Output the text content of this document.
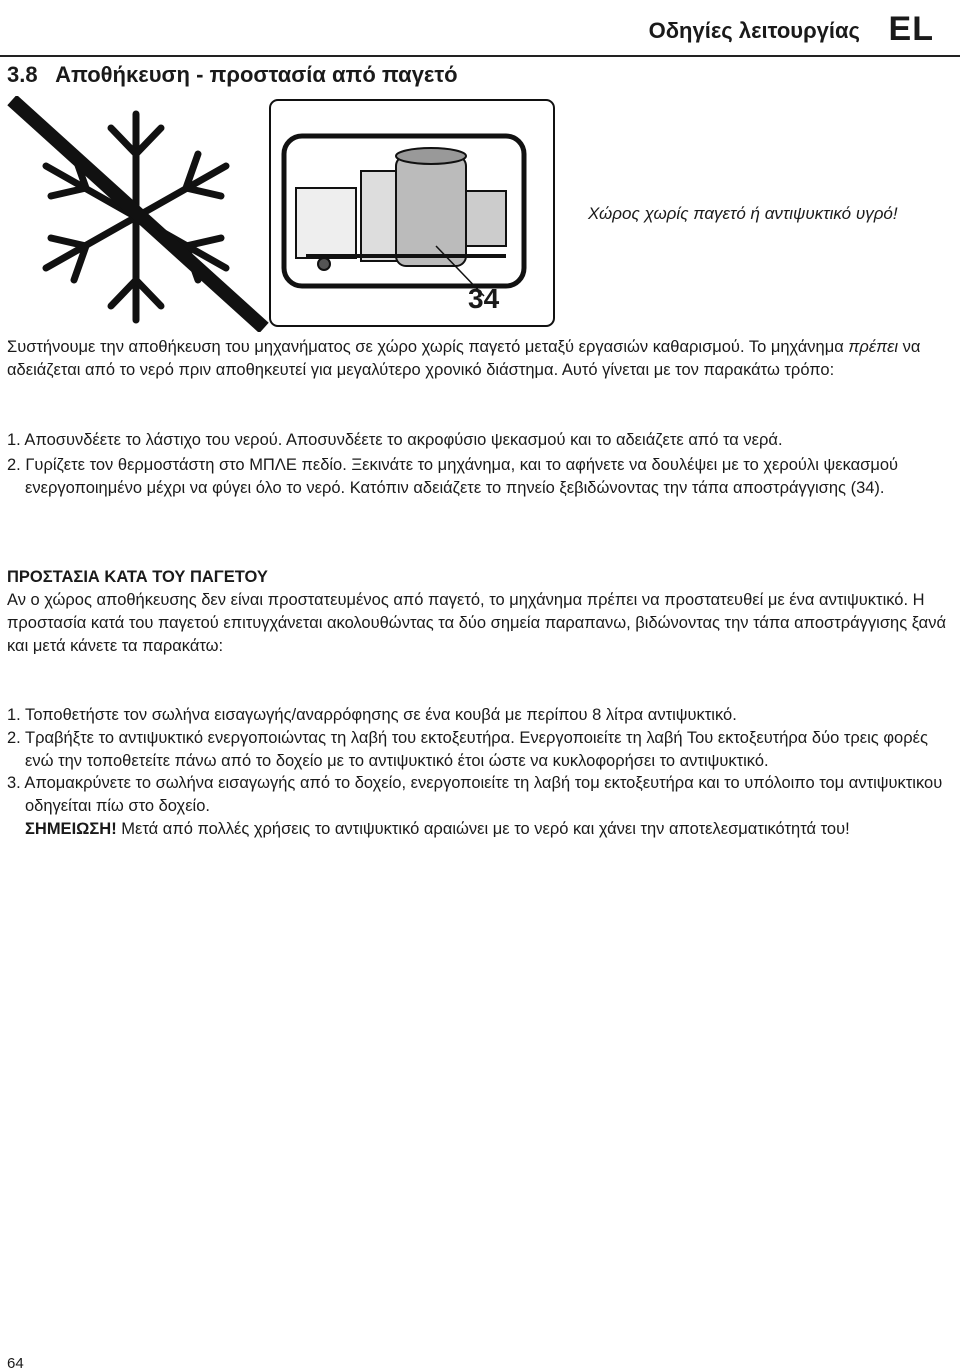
Οδηγίες λειτουργίας EL
3.8   Αποθήκευση - προστασία από παγετό
34
Χώρος χωρίς παγετό ή αντιψυκτικό υγρό!
Συστήνουμε την αποθήκευση του μηχανήματος σε χώρο χωρίς παγετό μεταξύ εργασιών καθαρισμού. Το μηχάνημα πρέπει να αδειάζεται από το νερό πριν αποθηκευτεί για μεγαλύτερο χρονικό διάστημα. Αυτό γίνεται με τον παρακάτω τρόπο:
1. Αποσυνδέετε το λάστιχο του νερού. Αποσυνδέετε το ακροφύσιο ψεκασμού και το αδειάζετε από τα νερά.
2. Γυρίζετε τον θερμοστάστη στο ΜΠΛΕ πεδίο. Ξεκινάτε το μηχάνημα, και το αφήνετε να δουλέψει με το χερούλι ψεκασμού ενεργοποιημένο μέχρι να φύγει όλο το νερό. Κατόπιν αδειάζετε το πηνείο ξεβιδώνοντας την τάπα αποστράγγισης (34).
ΠΡΟΣΤΑΣΙΑ ΚΑΤΑ ΤΟΥ ΠΑΓΕΤΟΥ
Αν ο χώρος αποθήκευσης δεν είναι προστατευμένος από παγετό, το μηχάνημα πρέπει να προστατευθεί με ένα αντιψυκτικό. Η προστασία κατά του παγετού επιτυγχάνεται ακολουθώντας τα δύο σημεία παραπανω, βιδώνοντας την τάπα αποστράγγισης ξανά και μετά κάνετε τα παρακάτω:
1. Τοποθετήστε τον σωλήνα εισαγωγής/αναρρόφησης σε ένα κουβά με περίπου 8 λίτρα αντιψυκτικό.
2. Τραβήξτε το αντιψυκτικό ενεργοποιώντας τη λαβή του εκτοξευτήρα. Ενεργοποιείτε τη λαβή Του εκτοξευτήρα δύο τρεις φορές ενώ την τοποθετείτε πάνω από το δοχείο με το αντιψυκτικό έτοι ώστε να κυκλοφορήσει το αντιψυκτικό.
3. Απομακρύνετε το σωλήνα εισαγωγής από το δοχείο, ενεργοποιείτε τη λαβή τομ εκτοξευτήρα και το υπόλοιπο τομ αντιψυκτικου οδηγείται πίω στο δοχείο.
ΣΗΜΕΙΩΣΗ! Μετά από πολλές χρήσεις το αντιψυκτικό αραιώνει με το νερό και χάνει την αποτελεσματικότητά του!
64
